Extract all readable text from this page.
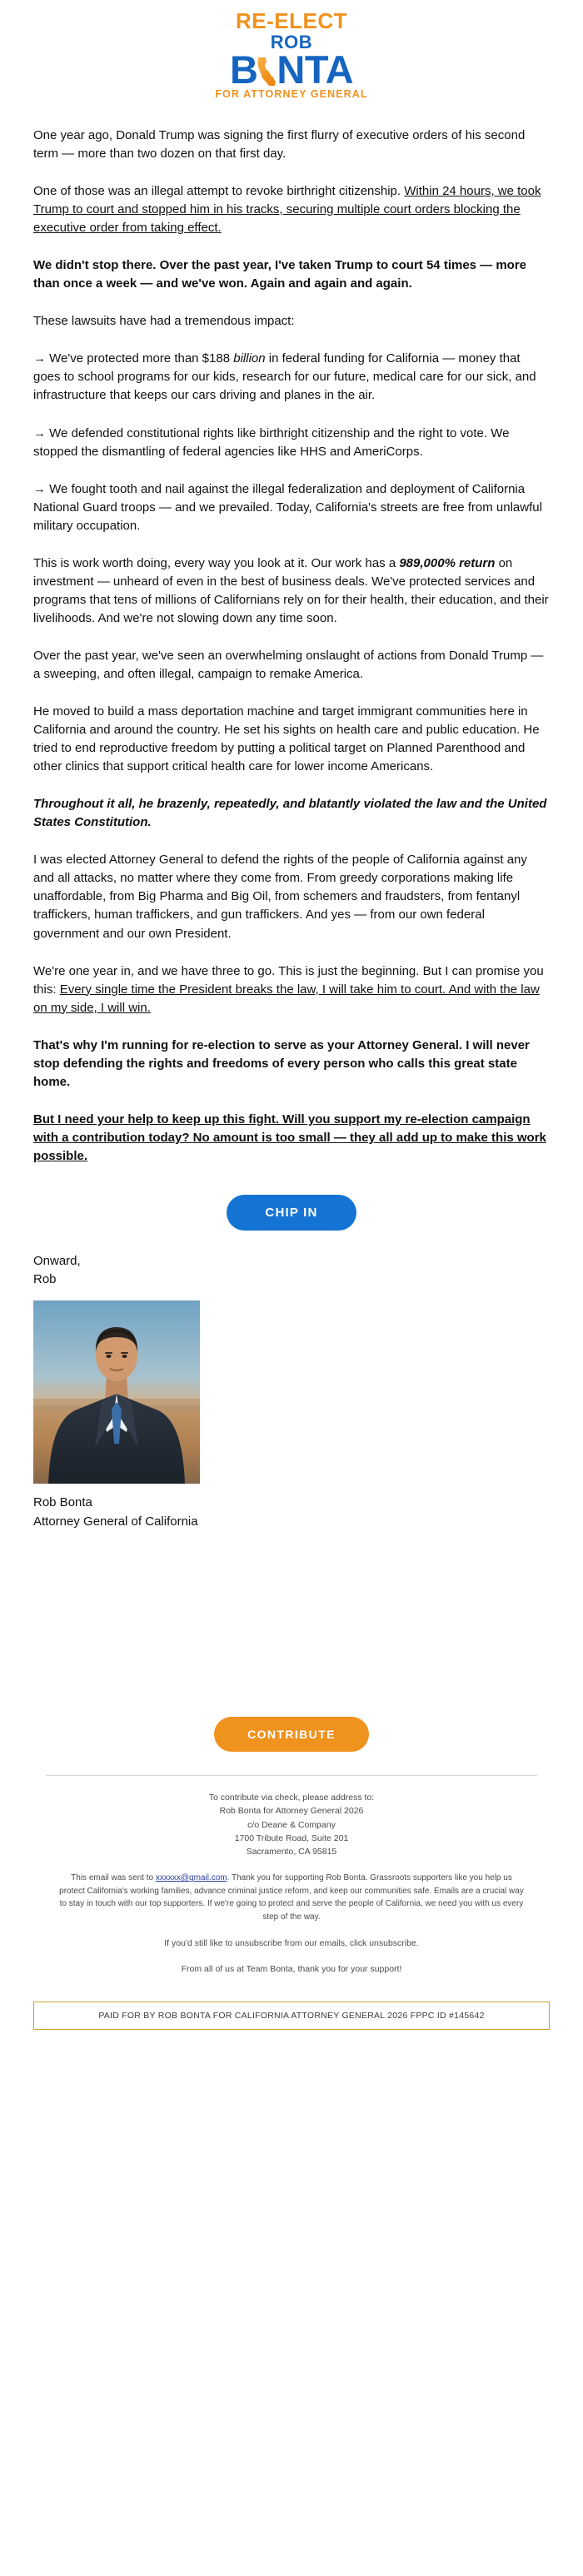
RE-ELECT
ROB
B NTA
FOR ATTORNEY GENERAL

One year ago, Donald Trump was signing the first flurry of executive orders of his second term — more than two dozen on that first day.

One of those was an illegal attempt to revoke birthright citizenship. Within 24 hours, we took Trump to court and stopped him in his tracks, securing multiple court orders blocking the executive order from taking effect.

We didn't stop there. Over the past year, I've taken Trump to court 54 times — more than once a week — and we've won. Again and again and again.

These lawsuits have had a tremendous impact:

→ We've protected more than $188 billion in federal funding for California — money that goes to school programs for our kids, research for our future, medical care for our sick, and infrastructure that keeps our cars driving and planes in the air.

→ We defended constitutional rights like birthright citizenship and the right to vote. We stopped the dismantling of federal agencies like HHS and AmeriCorps.

→ We fought tooth and nail against the illegal federalization and deployment of California National Guard troops — and we prevailed. Today, California's streets are free from unlawful military occupation.

This is work worth doing, every way you look at it. Our work has a 989,000% return on investment — unheard of even in the best of business deals. We've protected services and programs that tens of millions of Californians rely on for their health, their education, and their livelihoods. And we're not slowing down any time soon.

Over the past year, we've seen an overwhelming onslaught of actions from Donald Trump — a sweeping, and often illegal, campaign to remake America.

He moved to build a mass deportation machine and target immigrant communities here in California and around the country. He set his sights on health care and public education. He tried to end reproductive freedom by putting a political target on Planned Parenthood and other clinics that support critical health care for lower income Americans.

Throughout it all, he brazenly, repeatedly, and blatantly violated the law and the United States Constitution.

I was elected Attorney General to defend the rights of the people of California against any and all attacks, no matter where they come from. From greedy corporations making life unaffordable, from Big Pharma and Big Oil, from schemers and fraudsters, from fentanyl traffickers, human traffickers, and gun traffickers. And yes — from our own federal government and our own President.

We're one year in, and we have three to go. This is just the beginning. But I can promise you this: Every single time the President breaks the law, I will take him to court. And with the law on my side, I will win.

That's why I'm running for re-election to serve as your Attorney General. I will never stop defending the rights and freedoms of every person who calls this great state home.

But I need your help to keep up this fight. Will you support my re-election campaign with a contribution today? No amount is too small — they all add up to make this work possible.

CHIP IN

Onward,

Rob

Rob Bonta

Attorney General of California

CONTRIBUTE

To contribute via check, please address to:
Rob Bonta for Attorney General 2026
c/o Deane & Company
1700 Tribute Road, Suite 201
Sacramento, CA 95815

This email was sent to xxxxxx@gmail.com. Thank you for supporting Rob Bonta. Grassroots supporters like you help us protect California's working families, advance criminal justice reform, and keep our communities safe. Emails are a crucial way to stay in touch with our top supporters. If we're going to protect and serve the people of California, we need you with us every step of the way.

If you'd still like to unsubscribe from our emails, click unsubscribe.

From all of us at Team Bonta, thank you for your support!

PAID FOR BY ROB BONTA FOR CALIFORNIA ATTORNEY GENERAL 2026 FPPC ID #145642
